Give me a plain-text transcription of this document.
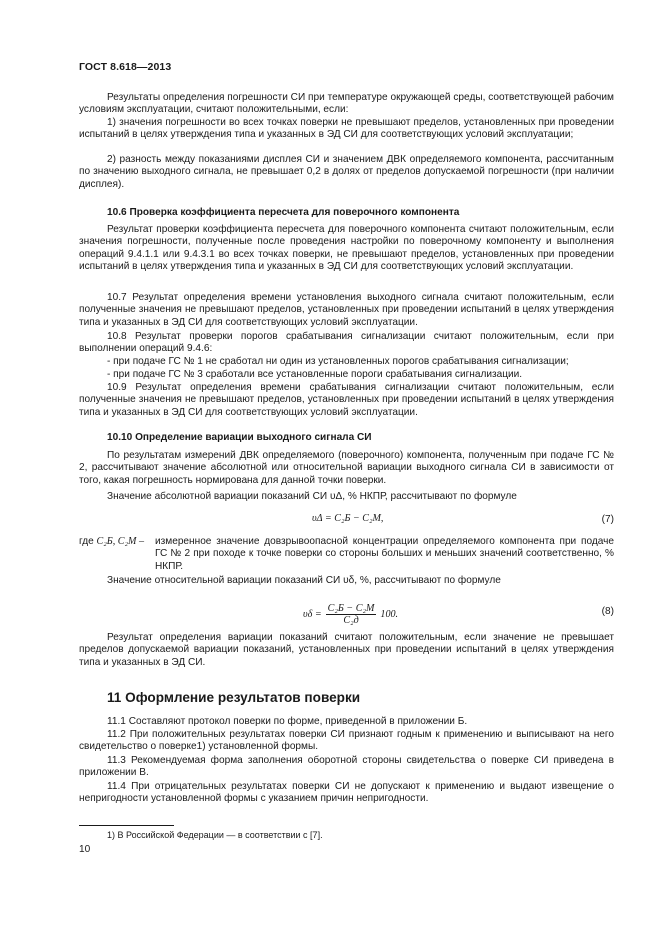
ГОСТ 8.618—2013

Результаты определения погрешности СИ при температуре окружающей среды, соответствующей рабочим условиям эксплуатации, считают положительными, если:

1) значения погрешности во всех точках поверки не превышают пределов, установленных при проведении испытаний в целях утверждения типа и указанных в ЭД СИ для соответствующих условий эксплуатации;

2) разность между показаниями дисплея СИ и значением ДВК определяемого компонента, рассчитанным по значению выходного сигнала, не превышает 0,2 в долях от пределов допускаемой погрешности (при наличии дисплея).

10.6 Проверка коэффициента пересчета для поверочного компонента

Результат проверки коэффициента пересчета для поверочного компонента считают положительным, если значения погрешности, полученные после проведения настройки по поверочному компоненту и выполнения операций 9.4.1.1 или 9.4.3.1 во всех точках поверки, не превышают пределов, установленных при проведении испытаний в целях утверждения типа и указанных в ЭД СИ для соответствующих условий эксплуатации.

10.7 Результат определения времени установления выходного сигнала считают положительным, если полученные значения не превышают пределов, установленных при проведении испытаний в целях утверждения типа и указанных в ЭД СИ для соответствующих условий эксплуатации.

10.8 Результат проверки порогов срабатывания сигнализации считают положительным, если при выполнении операций 9.4.6:

- при подаче ГС № 1 не сработал ни один из установленных порогов срабатывания сигнализации;

- при подаче ГС № 3 сработали все установленные пороги срабатывания сигнализации.

10.9 Результат определения времени срабатывания сигнализации считают положительным, если полученные значения не превышают пределов, установленных при проведении испытаний в целях утверждения типа и указанных в ЭД СИ для соответствующих условий эксплуатации.

10.10 Определение вариации выходного сигнала СИ

По результатам измерений ДВК определяемого (поверочного) компонента, полученным при подаче ГС № 2, рассчитывают значение абсолютной или относительной вариации выходного сигнала СИ в зависимости от того, какая погрешность нормирована для данной точки поверки.

Значение абсолютной вариации показаний СИ υΔ, % НКПР, рассчитывают по формуле

υΔ = C₂Б − C₂М,	(7)
где C₂Б, C₂М – измеренное значение довзрывоопасной концентрации определяемого компонента при подаче ГС № 2 при походе к точке поверки со стороны больших и меньших значений соответственно, % НКПР.

Значение относительной вариации показаний СИ υδ, %, рассчитывают по формуле

$\upsilon\delta = \frac{\text{C₂Б − C₂М}}{\text{C₂д}} 100$.	(8)

Результат определения вариации показаний считают положительным, если значение не превышает пределов допускаемой вариации показаний, установленных при проведении испытаний в целях утверждения типа и указанных в ЭД СИ.

11 Оформление результатов поверки

11.1 Составляют протокол поверки по форме, приведенной в приложении Б.

11.2 При положительных результатах поверки СИ признают годным к применению и выписывают на него свидетельство о поверке1) установленной формы.

11.3 Рекомендуемая форма заполнения оборотной стороны свидетельства о поверке СИ приведена в приложении В.

11.4 При отрицательных результатах поверки СИ не допускают к применению и выдают извещение о непригодности установленной формы с указанием причин непригодности.

1) В Российской Федерации — в соответствии с [7].
10
